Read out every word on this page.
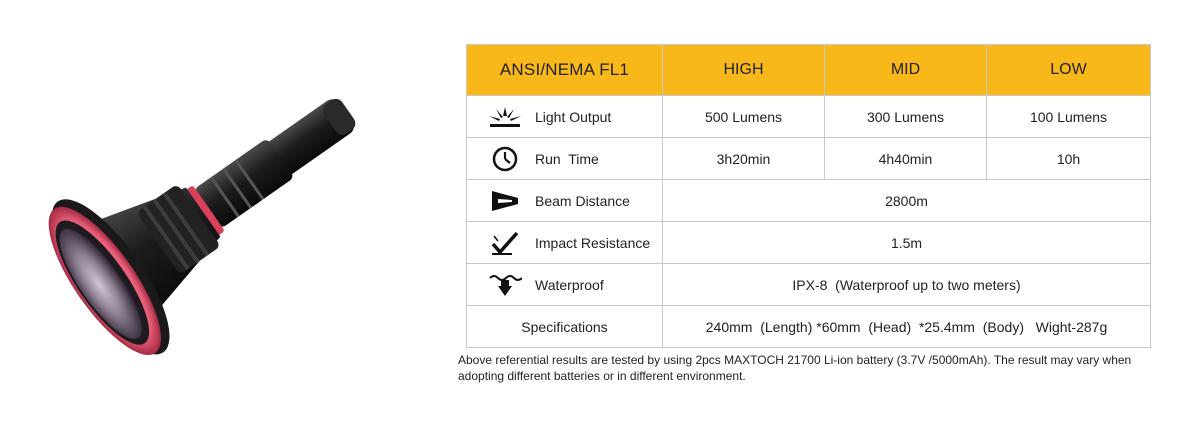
ANSI/NEMA FL1	HIGH	MID	LOW

Light Output	500 Lumens	300 Lumens	100 Lumens

Run  Time	3h20min	4h40min	10h

Beam Distance	2800m		

Impact Resistance	1.5m		

Waterproof	IPX-8  (Waterproof up to two meters)		
Specifications	240mm  (Length) *60mm  (Head)  *25.4mm  (Body)   Wight-287g		
Above referential results are tested by using 2pcs MAXTOCH 21700 Li-ion battery (3.7V /5000mAh). The result may vary when adopting different batteries or in different environment.
